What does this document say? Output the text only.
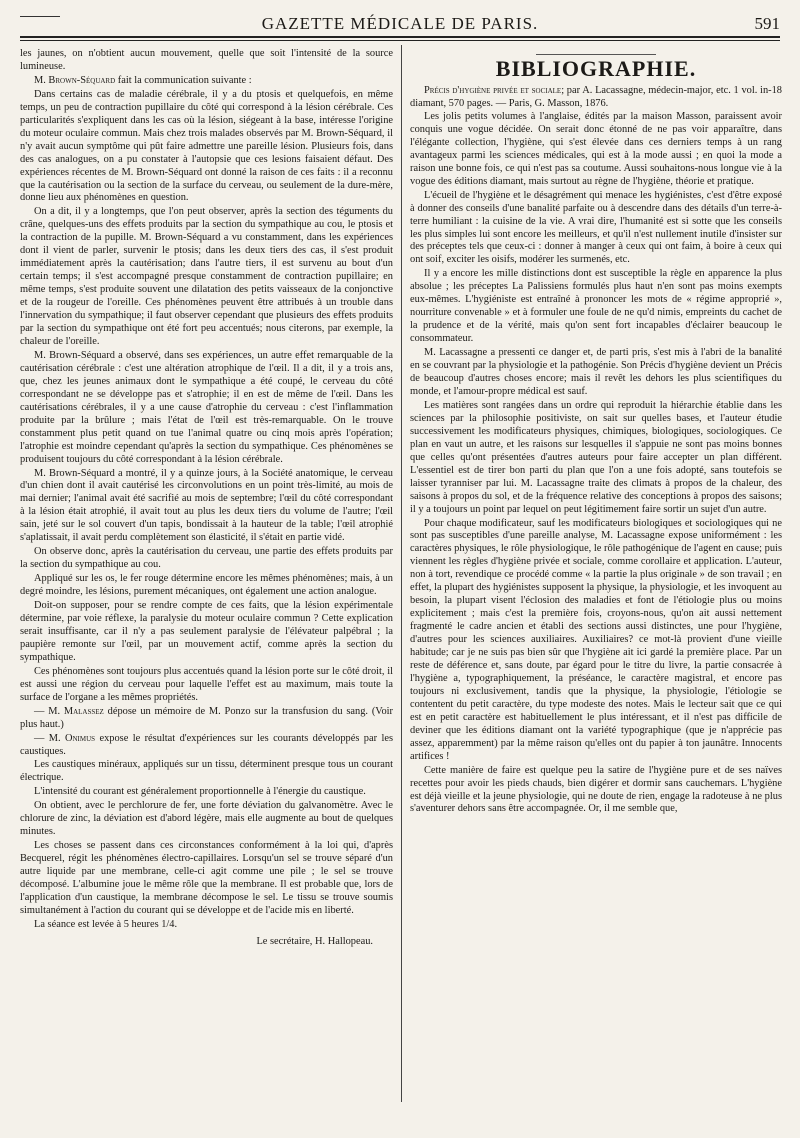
GAZETTE MÉDICALE DE PARIS.	591

les jaunes, on n'obtient aucun mouvement, quelle que soit l'intensité de la source lumineuse.

M. Brown-Séquard fait la communication suivante :

Dans certains cas de maladie cérébrale, il y a du ptosis et quelquefois, en même temps, un peu de contraction pupillaire du côté qui correspond à la lésion cérébrale. Ces particularités s'expliquent dans les cas où la lésion, siégeant à la base, intéresse l'origine du moteur oculaire commun. Mais chez trois malades observés par M. Brown-Séquard, il n'y avait aucun symptôme qui pût faire admettre une pareille lésion. Plusieurs fois, dans des cas analogues, on a pu constater à l'autopsie que ces lesions faisaient défaut. Des expériences récentes de M. Brown-Séquard ont donné la raison de ces faits : il a reconnu que la cautérisation ou la section de la surface du cerveau, ou seulement de la dure-mère, donne lieu aux phénomènes en question.

On a dit, il y a longtemps, que l'on peut observer, après la section des téguments du crâne, quelques-uns des effets produits par la section du sympathique au cou, le ptosis et la contraction de la pupille. M. Brown-Séquard a vu constamment, dans les expériences dont il vient de parler, survenir le ptosis; dans les deux tiers des cas, il s'est produit immédiatement après la cautérisation; dans l'autre tiers, il est survenu au bout d'un certain temps; il s'est accompagné presque constamment de contraction pupillaire; en même temps, s'est produite souvent une dilatation des petits vaisseaux de la conjonctive et de la rougeur de l'oreille. Ces phénomènes peuvent être attribués à un trouble dans l'innervation du sympathique; il faut observer cependant que plusieurs des effets produits par la section du sympathique ont été fort peu accentués; nous citerons, par exemple, la chaleur de l'oreille.

M. Brown-Séquard a observé, dans ses expériences, un autre effet remarquable de la cautérisation cérébrale : c'est une altération atrophique de l'œil. Il a dit, il y a trois ans, que, chez les jeunes animaux dont le sympathique a été coupé, le cerveau du côté correspondant ne se développe pas et s'atrophie; il en est de même de l'œil. Dans les cautérisations cérébrales, il y a une cause d'atrophie du cerveau : c'est l'inflammation produite par la brûlure ; mais l'état de l'œil est très-remarquable. On le trouve constamment plus petit quand on tue l'animal quatre ou cinq mois après l'opération; l'atrophie est moindre cependant qu'après la section du sympathique. Ces phénomènes se produisent toujours du côté correspondant à la lésion cérébrale.

M. Brown-Séquard a montré, il y a quinze jours, à la Société anatomique, le cerveau d'un chien dont il avait cautérisé les circonvolutions en un point très-limité, au mois de mai dernier; l'animal avait été sacrifié au mois de septembre; l'œil du côté correspondant à la lésion était atrophié, il avait tout au plus les deux tiers du volume de l'autre; l'œil sain, jeté sur le sol couvert d'un tapis, bondissait à la hauteur de la table; l'œil atrophié s'aplatissait, il avait perdu complètement son élasticité, il s'était en partie vidé.

On observe donc, après la cautérisation du cerveau, une partie des effets produits par la section du sympathique au cou.

Appliqué sur les os, le fer rouge détermine encore les mêmes phénomènes; mais, à un degré moindre, les lésions, purement mécaniques, ont également une action analogue.

Doit-on supposer, pour se rendre compte de ces faits, que la lésion expérimentale détermine, par voie réflexe, la paralysie du moteur oculaire commun ? Cette explication serait insuffisante, car il n'y a pas seulement paralysie de l'élévateur palpébral ; la paupière remonte sur l'œil, par un mouvement actif, comme après la section du sympathique.

Ces phénomènes sont toujours plus accentués quand la lésion porte sur le côté droit, il est aussi une région du cerveau pour laquelle l'effet est au maximum, mais toute la surface de l'organe a les mêmes propriétés.

— M. Malassez dépose un mémoire de M. Ponzo sur la transfusion du sang. (Voir plus haut.)

— M. Onimus expose le résultat d'expériences sur les courants développés par les caustiques.

Les caustiques minéraux, appliqués sur un tissu, déterminent presque tous un courant électrique.

L'intensité du courant est généralement proportionnelle à l'énergie du caustique.

On obtient, avec le perchlorure de fer, une forte déviation du galvanomètre. Avec le chlorure de zinc, la déviation est d'abord légère, mais elle augmente au bout de quelques minutes.

Les choses se passent dans ces circonstances conformément à la loi qui, d'après Becquerel, régit les phénomènes électro-capillaires. Lorsqu'un sel se trouve séparé d'un autre liquide par une membrane, celle-ci agit comme une pile ; le sel se trouve décomposé. L'albumine joue le même rôle que la membrane. Il est probable que, lors de l'application d'un caustique, la membrane décompose le sel. Le tissu se trouve soumis simultanément à l'action du courant qui se développe et de l'acide mis en liberté.

La séance est levée à 5 heures 1/4.

Le secrétaire, H. Hallopeau.
BIBLIOGRAPHIE.

Précis d'hygiène privée et sociale; par A. Lacassagne, médecin-major, etc. 1 vol. in-18 diamant, 570 pages. — Paris, G. Masson, 1876.

Les jolis petits volumes à l'anglaise, édités par la maison Masson, paraissent avoir conquis une vogue décidée. On serait donc étonné de ne pas voir apparaître, dans l'élégante collection, l'hygiène, qui s'est élevée dans ces derniers temps à un rang avantageux parmi les sciences médicales, qui est à la mode aussi ; en quoi la mode a raison une bonne fois, ce qui n'est pas sa coutume. Aussi souhaitons-nous longue vie à la vogue des éditions diamant, mais surtout au règne de l'hygiène, théorie et pratique.

L'écueil de l'hygiène et le désagrément qui menace les hygiénistes, c'est d'être exposé à donner des conseils d'une banalité parfaite ou à descendre dans des détails d'un terre-à-terre humiliant : la cuisine de la vie. A vrai dire, l'humanité est si sotte que les conseils les plus simples lui sont encore les meilleurs, et qu'il n'est nullement inutile d'insister sur des préceptes tels que ceux-ci : donner à manger à ceux qui ont faim, à boire à ceux qui ont soif, exciter les oisifs, modérer les surmenés, etc.

Il y a encore les mille distinctions dont est susceptible la règle en apparence la plus absolue ; les préceptes La Palissiens formulés plus haut n'en sont pas moins exempts eux-mêmes. L'hygiéniste est entraîné à prononcer les mots de « régime approprié », nourriture convenable » et à formuler une foule de ne qu'd nimis, empreints du cachet de la prudence et de la vérité, mais qu'on sent fort incapables d'éclairer beaucoup le consommateur.

M. Lacassagne a pressenti ce danger et, de parti pris, s'est mis à l'abri de la banalité en se couvrant par la physiologie et la pathogénie. Son Précis d'hygiène devient un Précis de beaucoup d'autres choses encore; mais il revêt les dehors les plus scientifiques du monde, et l'amour-propre médical est sauf.

Les matières sont rangées dans un ordre qui reproduit la hiérarchie établie dans les sciences par la philosophie positiviste, on sait sur quelles bases, et l'auteur étudie successivement les modificateurs physiques, chimiques, biologiques, sociologiques. Ce plan en vaut un autre, et les raisons sur lesquelles il s'appuie ne sont pas moins bonnes que celles qu'ont présentées d'autres auteurs pour faire accepter un plan différent. L'essentiel est de tirer bon parti du plan que l'on a une fois adopté, sans toutefois se laisser tyranniser par lui. M. Lacassagne traite des climats à propos de la chaleur, des saisons à propos du sol, et de la fréquence relative des conceptions à propos des saisons; il y a toujours un point par lequel on peut légitimement faire sortir un sujet d'un autre.

Pour chaque modificateur, sauf les modificateurs biologiques et sociologiques qui ne sont pas susceptibles d'une pareille analyse, M. Lacassagne expose uniformément : les caractères physiques, le rôle physiologique, le rôle pathogénique de l'agent en cause; puis viennent les règles d'hygiène privée et sociale, comme corollaire et application. L'auteur, non à tort, revendique ce procédé comme « la partie la plus originale » de son travail ; en effet, la plupart des hygiénistes supposent la physique, la physiologie, et les invoquent au besoin, la plupart visent l'éclosion des maladies et font de l'étiologie plus ou moins explicitement ; mais c'est la première fois, croyons-nous, qu'on ait aussi nettement fragmenté le cadre ancien et établi des sections aussi distinctes, une pour l'hygiène, d'autres pour les sciences auxiliaires. Auxiliaires? ce mot-là provient d'une vieille habitude; car je ne suis pas bien sûr que l'hygiène ait ici gardé la première place. Par un reste de déférence et, sans doute, par égard pour le titre du livre, la partie consacrée à l'hygiène a, typographiquement, la préséance, le caractère magistral, et encore pas toujours ni exclusivement, tandis que la physique, la physiologie, l'étiologie se contentent du petit caractère, du type modeste des notes. Mais le lecteur sait que ce qui est en petit caractère est habituellement le plus intéressant, et il n'est pas difficile de deviner que les éditions diamant ont la variété typographique (que je n'apprécie pas assez, apparemment) par la même raison qu'elles ont du papier à ton jaunâtre. Innocents artifices !

Cette manière de faire est quelque peu la satire de l'hygiène pure et de ses naïves recettes pour avoir les pieds chauds, bien digérer et dormir sans cauchemars. L'hygiène est déjà vieille et la jeune physiologie, qui ne doute de rien, engage la radoteuse à ne plus s'aventurer dehors sans être accompagnée. Or, il me semble que,
